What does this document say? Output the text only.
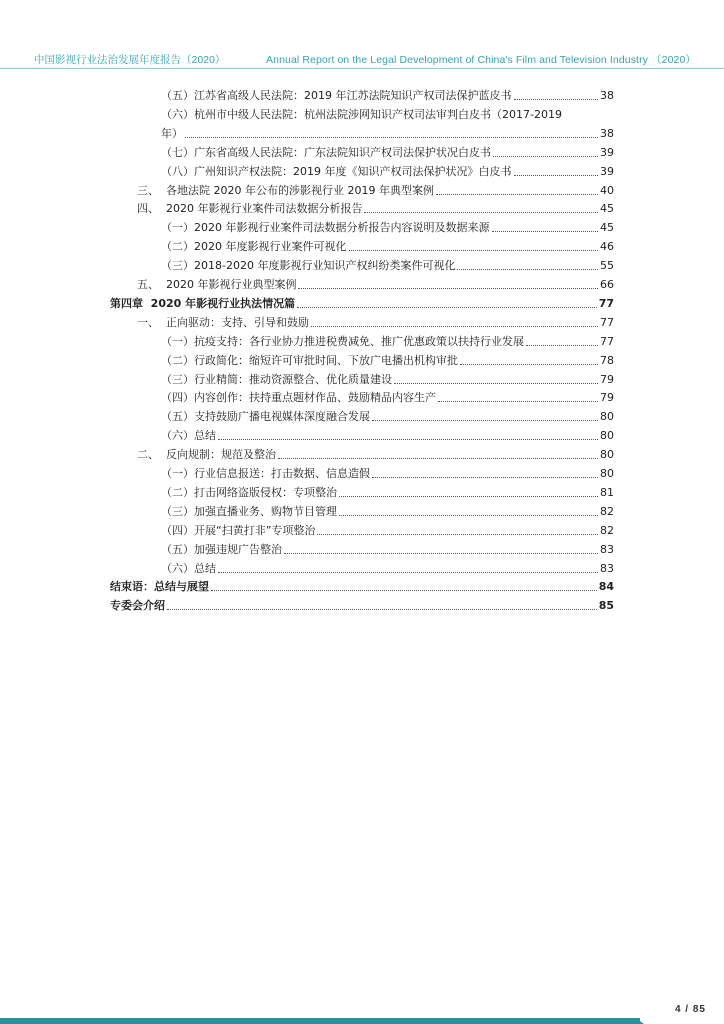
中国影视行业法治发展年度报告（2020）	Annual Report on the Legal Development of China's Film and Television Industry （2020）
（五）江苏省高级人民法院：2019 年江苏法院知识产权司法保护蓝皮书	38
（六）杭州市中级人民法院：杭州法院涉网知识产权司法审判白皮书（2017-2019
年）	38
（七）广东省高级人民法院：广东法院知识产权司法保护状况白皮书	39
（八）广州知识产权法院：2019 年度《知识产权司法保护状况》白皮书	39
三、  各地法院 2020 年公布的涉影视行业 2019 年典型案例	40
四、  2020 年影视行业案件司法数据分析报告	45
（一）2020 年影视行业案件司法数据分析报告内容说明及数据来源	45
（二）2020 年度影视行业案件可视化	46
（三）2018-2020 年度影视行业知识产权纠纷类案件可视化	55
五、  2020 年影视行业典型案例	66
第四章  2020 年影视行业执法情况篇	77
一、  正向驱动：支持、引导和鼓励	77
（一）抗疫支持：各行业协力推进税费减免、推广优惠政策以扶持行业发展	77
（二）行政简化：缩短许可审批时间、下放广电播出机构审批	78
（三）行业精简：推动资源整合、优化质量建设	79
（四）内容创作：扶持重点题材作品、鼓励精品内容生产	79
（五）支持鼓励广播电视媒体深度融合发展	80
（六）总结	80
二、  反向规制：规范及整治	80
（一）行业信息报送：打击数据、信息造假	80
（二）打击网络盗版侵权：专项整治	81
（三）加强直播业务、购物节目管理	82
（四）开展“扫黄打非”专项整治	82
（五）加强违规广告整治	83
（六）总结	83
结束语：总结与展望	84
专委会介绍	85
4 / 85
